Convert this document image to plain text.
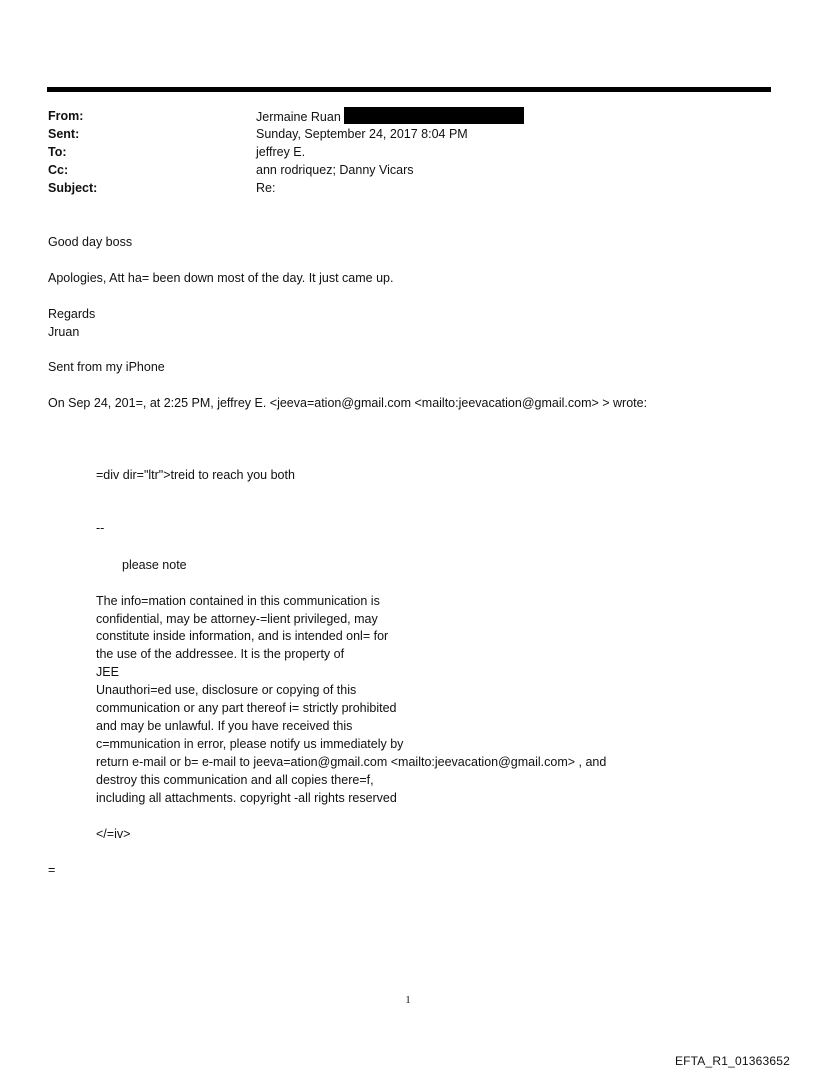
From:	Jermaine Ruan
Sent:	Sunday, September 24, 2017 8:04 PM
To:	jeffrey E.
Cc:	ann rodriquez; Danny Vicars
Subject:	Re:
Good day boss
Apologies, Att ha= been down most of the day. It just came up.
Regards
Jruan
Sent from my iPhone
On Sep 24, 201=, at 2:25 PM, jeffrey E. <jeeva=ation@gmail.com <mailto:jeevacation@gmail.com> > wrote:
=div dir="ltr">treid to reach you both
--
please note
The info=mation contained in this communication is
confidential, may be attorney-=lient privileged, may
constitute inside information, and is intended onl= for
the use of the addressee. It is the property of
JEE
Unauthori=ed use, disclosure or copying of this
communication or any part thereof i= strictly prohibited
and may be unlawful. If you have received this
c=mmunication in error, please notify us immediately by
return e-mail or b= e-mail to jeeva=ation@gmail.com <mailto:jeevacation@gmail.com> , and
destroy this communication and all copies there=f,
including all attachments. copyright -all rights reserved
</=iv>
=
1
EFTA_R1_01363652
